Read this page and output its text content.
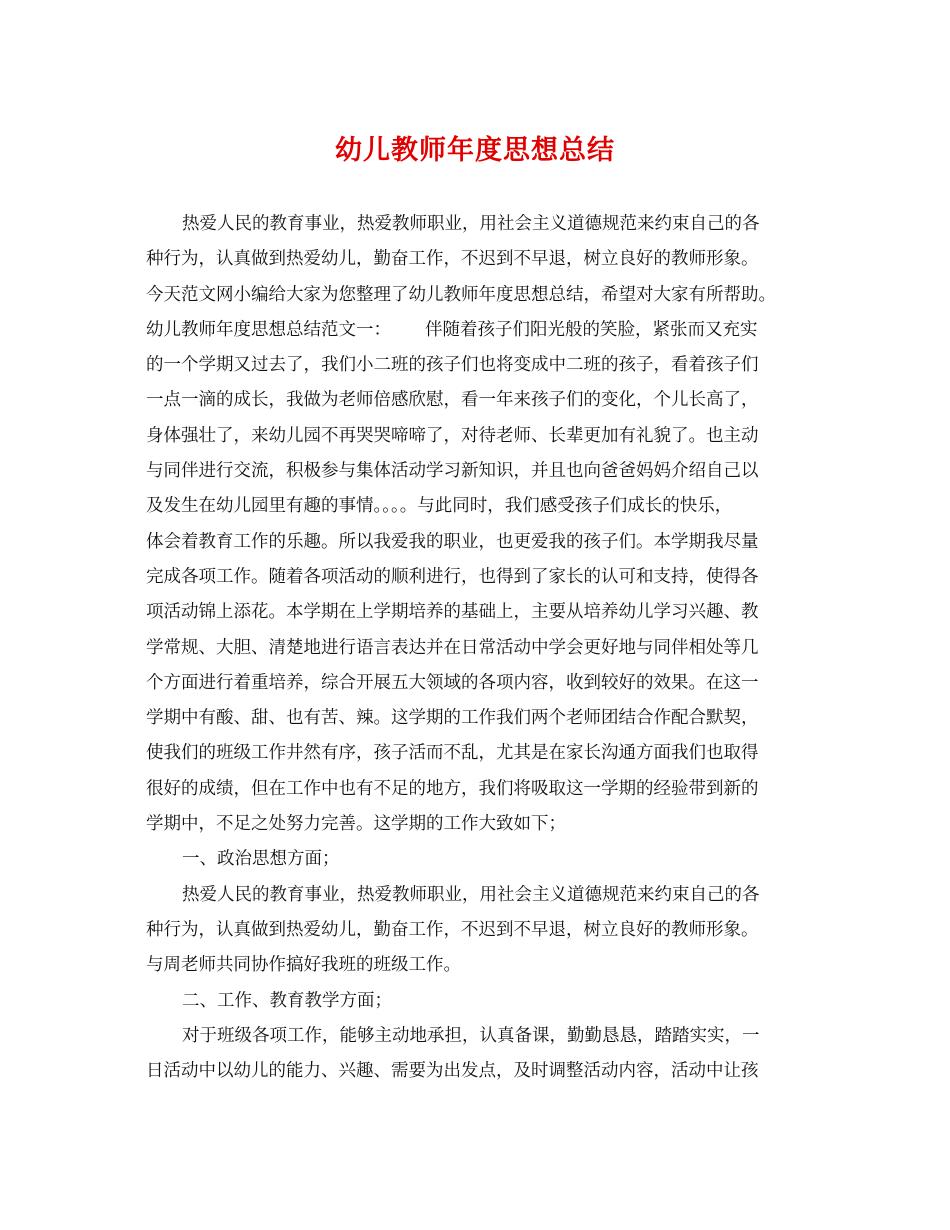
幼儿教师年度思想总结
热爱人民的教育事业，热爱教师职业，用社会主义道德规范来约束自己的各
种行为，认真做到热爱幼儿，勤奋工作，不迟到不早退，树立良好的教师形象。
今天范文网小编给大家为您整理了幼儿教师年度思想总结，希望对大家有所帮助。
幼儿教师年度思想总结范文一： 伴随着孩子们阳光般的笑脸，紧张而又充实
的一个学期又过去了，我们小二班的孩子们也将变成中二班的孩子，看着孩子们
一点一滴的成长，我做为老师倍感欣慰，看一年来孩子们的变化，个儿长高了，
身体强壮了，来幼儿园不再哭哭啼啼了，对待老师、长辈更加有礼貌了。也主动
与同伴进行交流，积极参与集体活动学习新知识，并且也向爸爸妈妈介绍自己以
及发生在幼儿园里有趣的事情。。。。与此同时，我们感受孩子们成长的快乐，
体会着教育工作的乐趣。所以我爱我的职业，也更爱我的孩子们。本学期我尽量
完成各项工作。随着各项活动的顺利进行，也得到了家长的认可和支持，使得各
项活动锦上添花。本学期在上学期培养的基础上，主要从培养幼儿学习兴趣、教
学常规、大胆、清楚地进行语言表达并在日常活动中学会更好地与同伴相处等几
个方面进行着重培养，综合开展五大领域的各项内容，收到较好的效果。在这一
学期中有酸、甜、也有苦、辣。这学期的工作我们两个老师团结合作配合默契，
使我们的班级工作井然有序，孩子活而不乱，尤其是在家长沟通方面我们也取得
很好的成绩，但在工作中也有不足的地方，我们将吸取这一学期的经验带到新的
学期中，不足之处努力完善。这学期的工作大致如下；
一、政治思想方面；
热爱人民的教育事业，热爱教师职业，用社会主义道德规范来约束自己的各
种行为，认真做到热爱幼儿，勤奋工作，不迟到不早退，树立良好的教师形象。
与周老师共同协作搞好我班的班级工作。
二、工作、教育教学方面；
对于班级各项工作，能够主动地承担，认真备课，勤勤恳恳，踏踏实实，一
日活动中以幼儿的能力、兴趣、需要为出发点，及时调整活动内容，活动中让孩
